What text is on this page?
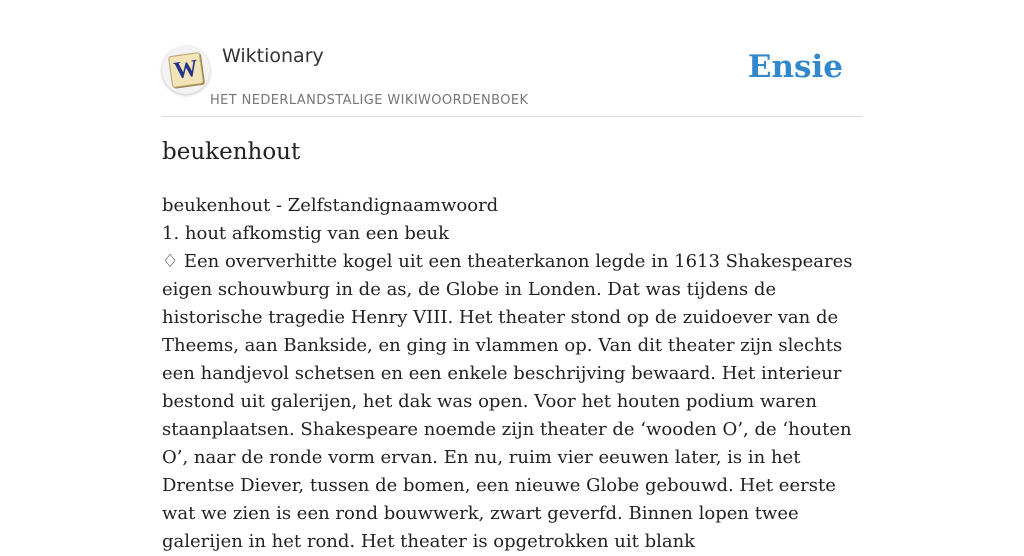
W Wiktionary
HET NEDERLANDSTALIGE WIKIWOORDENBOEK
Ensie
beukenhout

beukenhout - Zelfstandignaamwoord

1. hout afkomstig van een beuk

♢ Een oververhitte kogel uit een theaterkanon legde in 1613 Shakespeares eigen schouwburg in de as, de Globe in Londen. Dat was tijdens de historische tragedie Henry VIII. Het theater stond op de zuidoever van de Theems, aan Bankside, en ging in vlammen op. Van dit theater zijn slechts een handjevol schetsen en een enkele beschrijving bewaard. Het interieur bestond uit galerijen, het dak was open. Voor het houten podium waren staanplaatsen. Shakespeare noemde zijn theater de ‘wooden O’, de ‘houten O’, naar de ronde vorm ervan. En nu, ruim vier eeuwen later, is in het Drentse Diever, tussen de bomen, een nieuwe Globe gebouwd. Het eerste wat we zien is een rond bouwwerk, zwart geverfd. Binnen lopen twee galerijen in het rond. Het theater is opgetrokken uit blank
